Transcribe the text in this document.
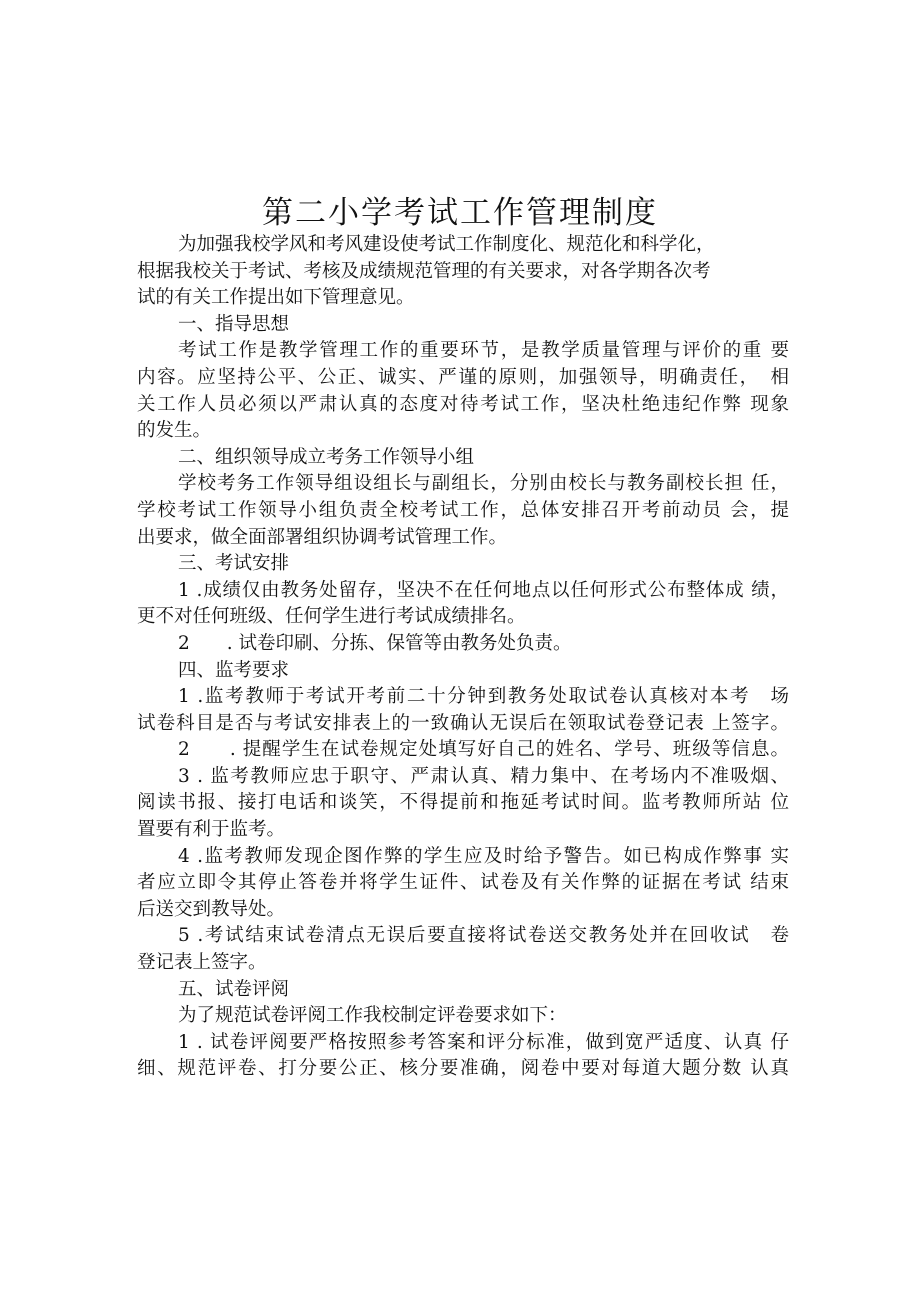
第二小学考试工作管理制度
为加强我校学风和考风建设使考试工作制度化、规范化和科学化，
根据我校关于考试、考核及成绩规范管理的有关要求，对各学期各次考
试的有关工作提出如下管理意见。
一、指导思想
考试工作是教学管理工作的重要环节，是教学质量管理与评价的重 要
内容。应坚持公平、公正、诚实、严谨的原则，加强领导，明确责任，　相
关工作人员必须以严肃认真的态度对待考试工作，坚决杜绝违纪作弊 现象
的发生。
二、组织领导成立考务工作领导小组
学校考务工作领导组设组长与副组长，分别由校长与教务副校长担 任，
学校考试工作领导小组负责全校考试工作，总体安排召开考前动员 会，提
出要求，做全面部署组织协调考试管理工作。
三、考试安排
1 .成绩仅由教务处留存，坚决不在任何地点以任何形式公布整体成 绩，
更不对任何班级、任何学生进行考试成绩排名。
2　　. 试卷印刷、分拣、保管等由教务处负责。
四、监考要求
1 .监考教师于考试开考前二十分钟到教务处取试卷认真核对本考　场
试卷科目是否与考试安排表上的一致确认无误后在领取试卷登记表 上签字。
2　　. 提醒学生在试卷规定处填写好自己的姓名、学号、班级等信息。
3 . 监考教师应忠于职守、严肃认真、精力集中、在考场内不准吸烟、
阅读书报、接打电话和谈笑，不得提前和拖延考试时间。监考教师所站 位
置要有利于监考。
4 .监考教师发现企图作弊的学生应及时给予警告。如已构成作弊事 实
者应立即令其停止答卷并将学生证件、试卷及有关作弊的证据在考试 结束
后送交到教导处。
5 .考试结束试卷清点无误后要直接将试卷送交教务处并在回收试　卷
登记表上签字。
五、试卷评阅
为了规范试卷评阅工作我校制定评卷要求如下：
1 . 试卷评阅要严格按照参考答案和评分标准，做到宽严适度、认真 仔
细、规范评卷、打分要公正、核分要准确，阅卷中要对每道大题分数 认真
